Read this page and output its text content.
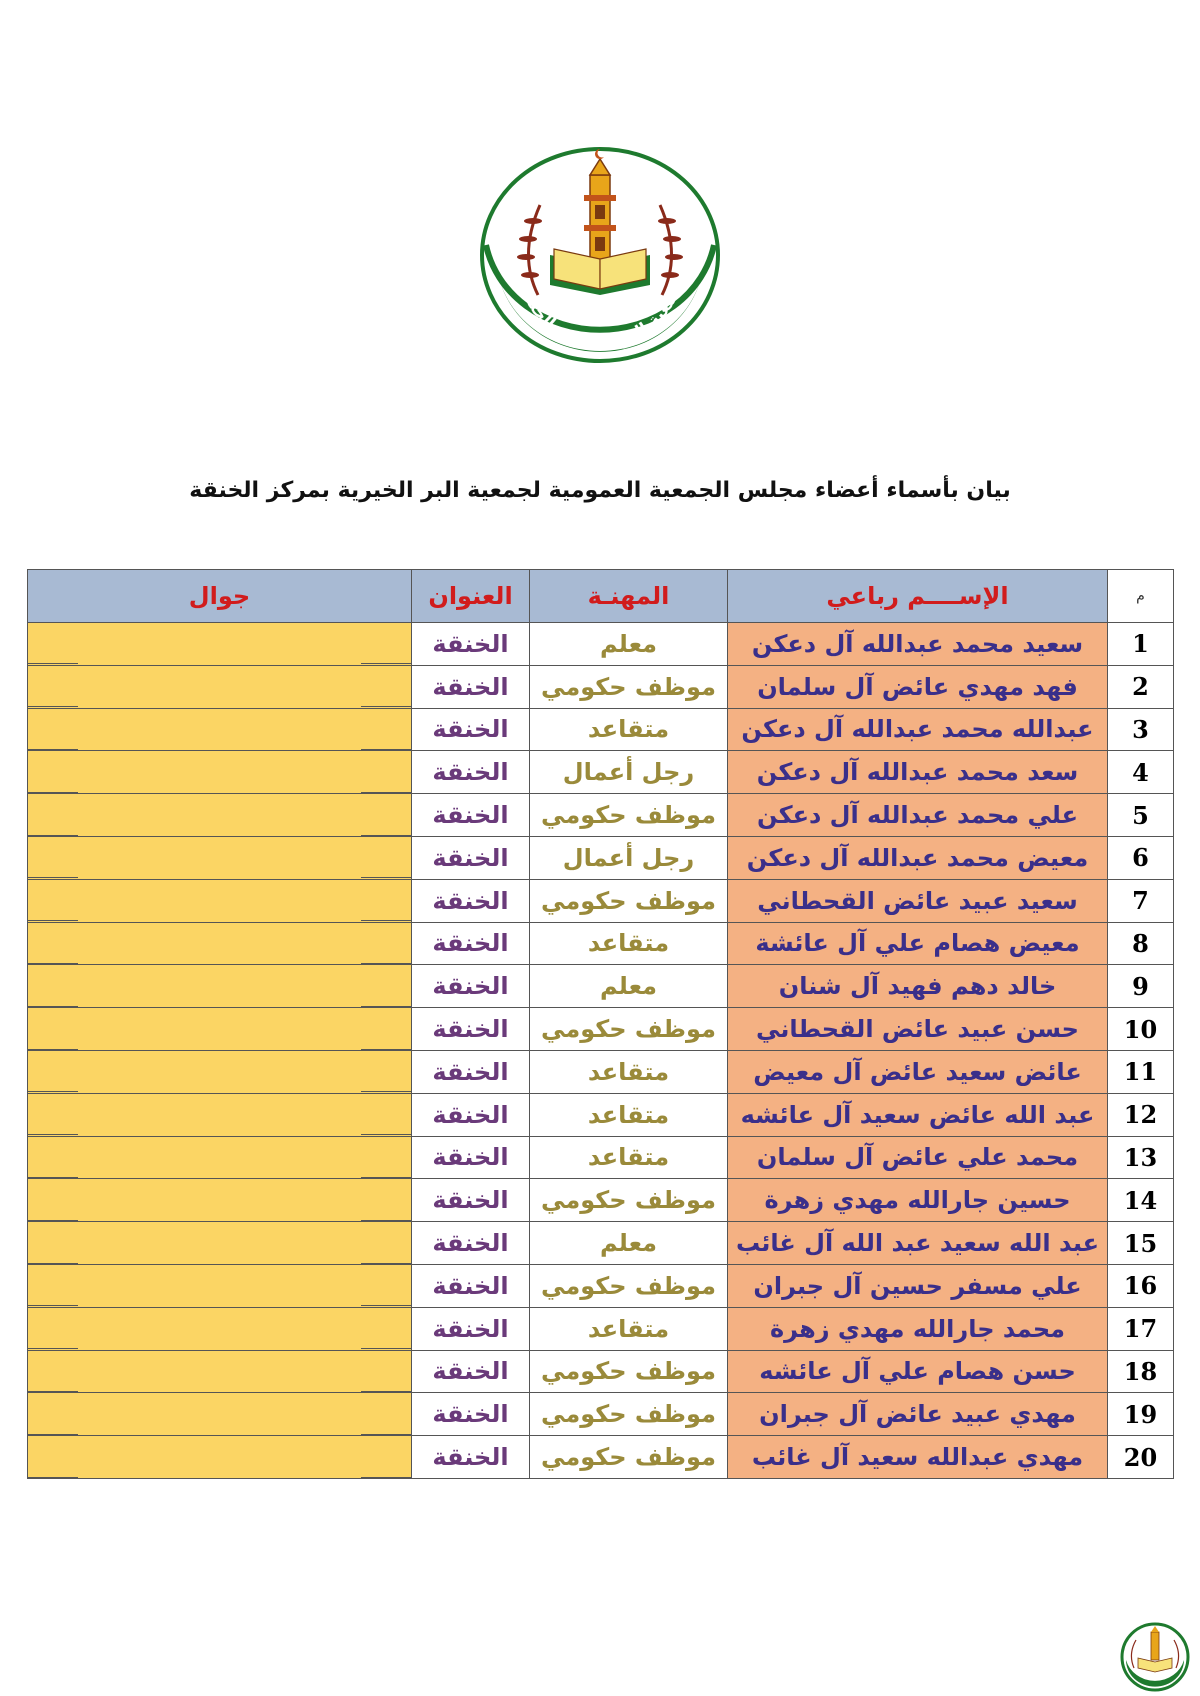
جمعية البر الخيرية بالخنقة
بيان بأسماء أعضاء مجلس الجمعية العمومية لجمعية البر الخيرية بمركز الخنقة
م	الإســــم رباعي	المهنـة	العنوان	جوال
1	سعيد محمد عبدالله آل دعكن	معلم	الخنقة	

2	فهد مهدي عائض آل سلمان	موظف حكومي	الخنقة	

3	عبدالله محمد عبدالله آل دعكن	متقاعد	الخنقة	

4	سعد محمد عبدالله آل دعكن	رجل أعمال	الخنقة	

5	علي محمد عبدالله آل دعكن	موظف حكومي	الخنقة	

6	معيض محمد عبدالله آل دعكن	رجل أعمال	الخنقة	

7	سعيد عبيد عائض القحطاني	موظف حكومي	الخنقة	

8	معيض هصام علي آل عائشة	متقاعد	الخنقة	

9	خالد دهم فهيد آل شنان	معلم	الخنقة	

10	حسن عبيد عائض القحطاني	موظف حكومي	الخنقة	

11	عائض سعيد عائض آل معيض	متقاعد	الخنقة	

12	عبد الله عائض سعيد آل عائشه	متقاعد	الخنقة	

13	محمد علي عائض آل سلمان	متقاعد	الخنقة	

14	حسين جارالله مهدي زهرة	موظف حكومي	الخنقة	

15	عبد الله سعيد عبد الله آل غائب	معلم	الخنقة	

16	علي مسفر حسين آل جبران	موظف حكومي	الخنقة	

17	محمد جارالله مهدي زهرة	متقاعد	الخنقة	

18	حسن هصام علي آل عائشه	موظف حكومي	الخنقة	

19	مهدي عبيد عائض آل جبران	موظف حكومي	الخنقة	

20	مهدي عبدالله سعيد آل غائب	موظف حكومي	الخنقة	
